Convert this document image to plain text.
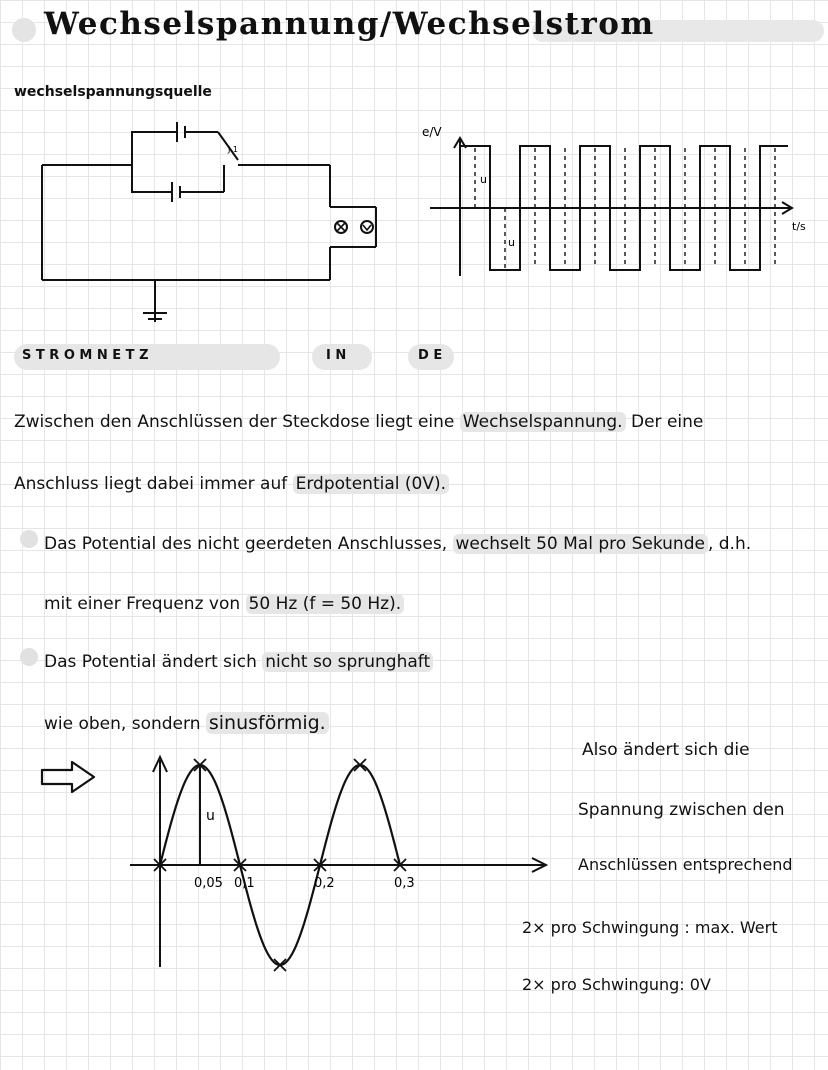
Wechselspannung/Wechselstrom
wechselspannungsquelle
J.1
e/V
t/s
u
u
S T R O M N E T Z	I N	D E
Zwischen den Anschlüssen der Steckdose liegt eine Wechselspannung. Der eine
Anschluss liegt dabei immer auf Erdpotential (0V).
Das Potential des nicht geerdeten Anschlusses, wechselt 50 Mal pro Sekunde , d.h.
mit einer Frequenz von 50 Hz (f = 50 Hz).
Das Potential ändert sich nicht so sprunghaft
wie oben, sondern sinusförmig.
u
0,05 0,1	0,2	0,3
Also ändert sich die
Spannung zwischen den
Anschlüssen entsprechend
2× pro Schwingung : max. Wert
2× pro Schwingung: 0V
